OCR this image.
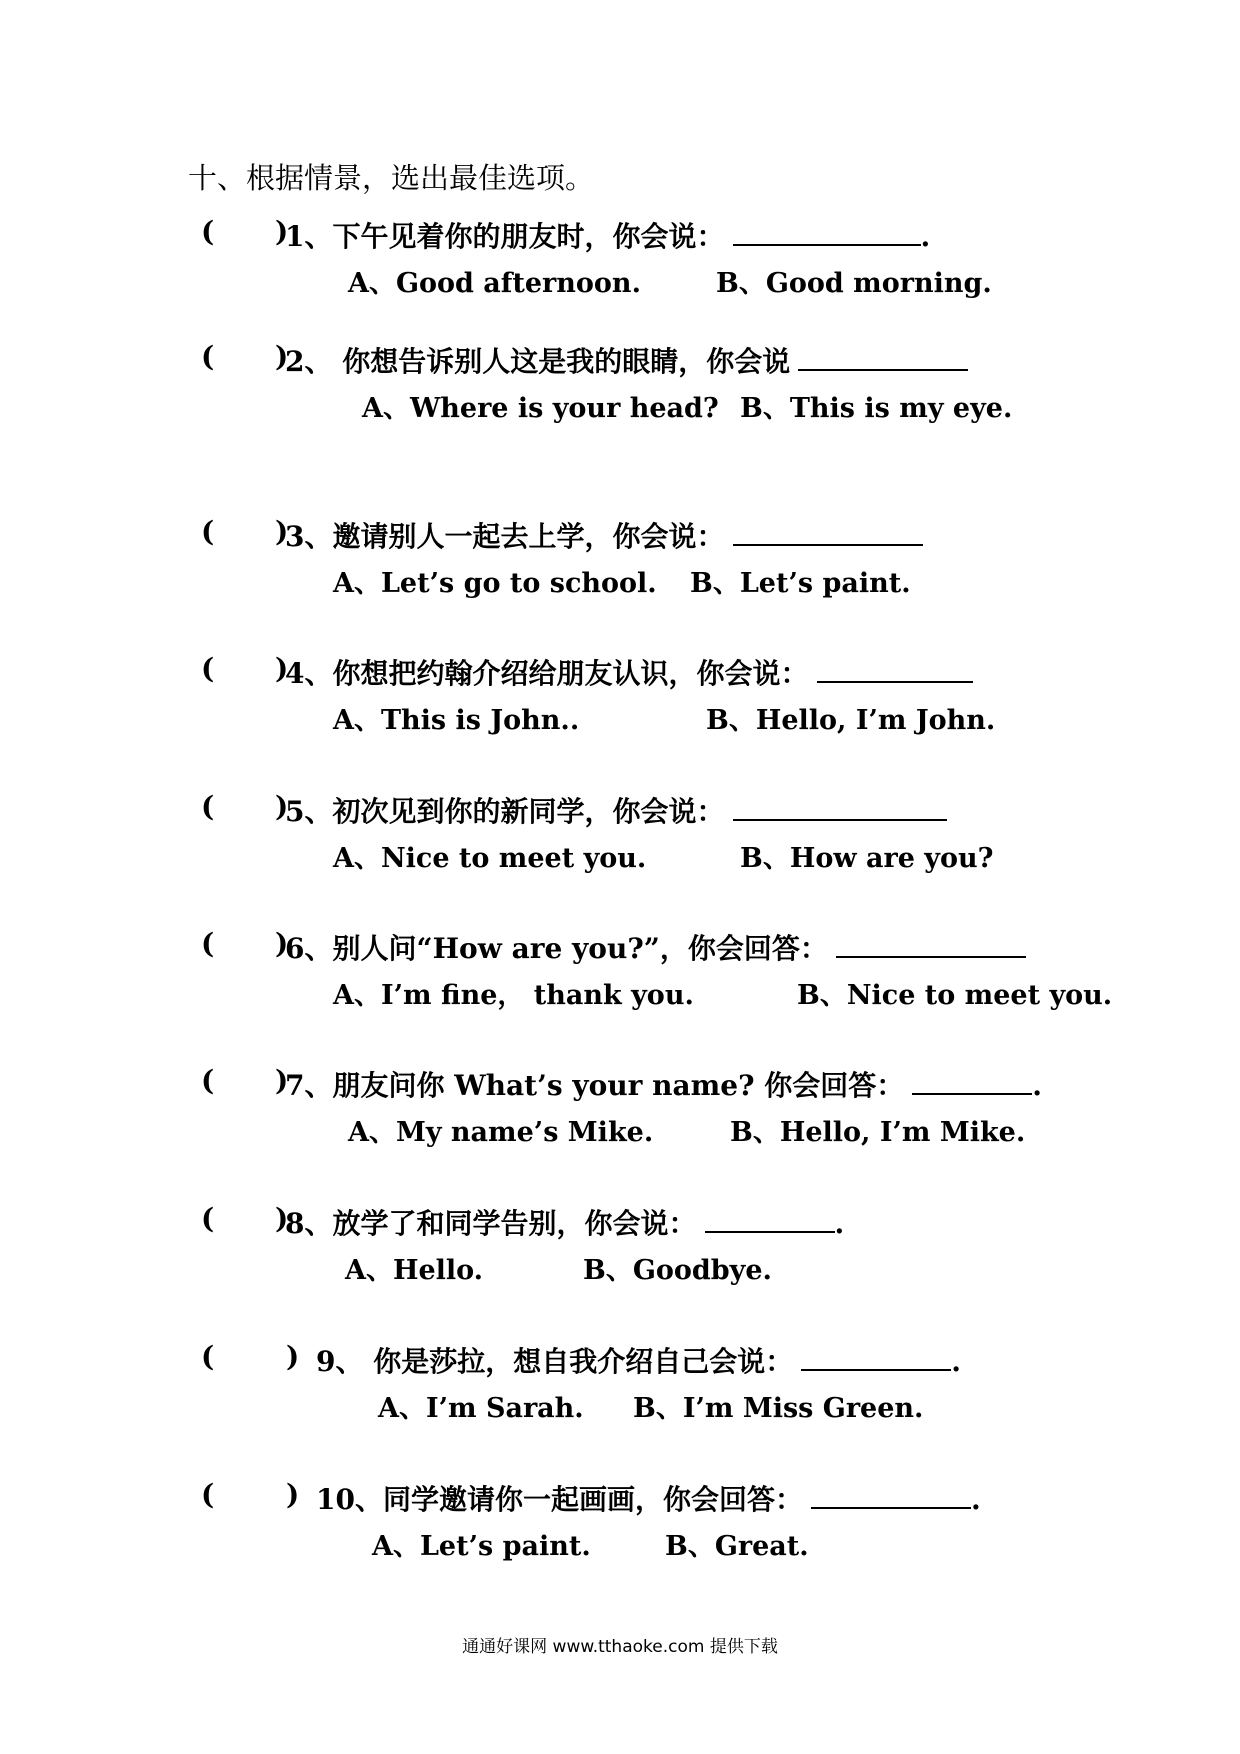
十、根据情景，选出最佳选项。
( )
1、下午见着你的朋友时，你会说：	.
A、Good afternoon.	B、Good morning.
( )
2、 你想告诉别人这是我的眼睛，你会说
A、Where is your head? B、This is my eye.
( )
3、邀请别人一起去上学，你会说：
A、Let’s go to school. B、Let’s paint.
( )
4、你想把约翰介绍给朋友认识，你会说：
A、This is John..	B、Hello, I’m John.
( )
5、初次见到你的新同学，你会说：
A、Nice to meet you.	B、How are you?
( )
6、别人问“How are you?”，你会回答：
A、I’m fine， thank you.	B、Nice to meet you.
( )
7、朋友问你 What’s your name? 你会回答：	.
A、My name’s Mike.	B、Hello, I’m Mike.
( )
8、放学了和同学告别，你会说：	.
A、Hello.	B、Goodbye.
(	) 9、 你是莎拉，想自我介绍自己会说：	.
A、I’m Sarah. B、I’m Miss Green.
(	) 10、同学邀请你一起画画，你会回答：	.
A、Let’s paint.	B、Great.
通通好课网 www.tthaoke.com 提供下载
